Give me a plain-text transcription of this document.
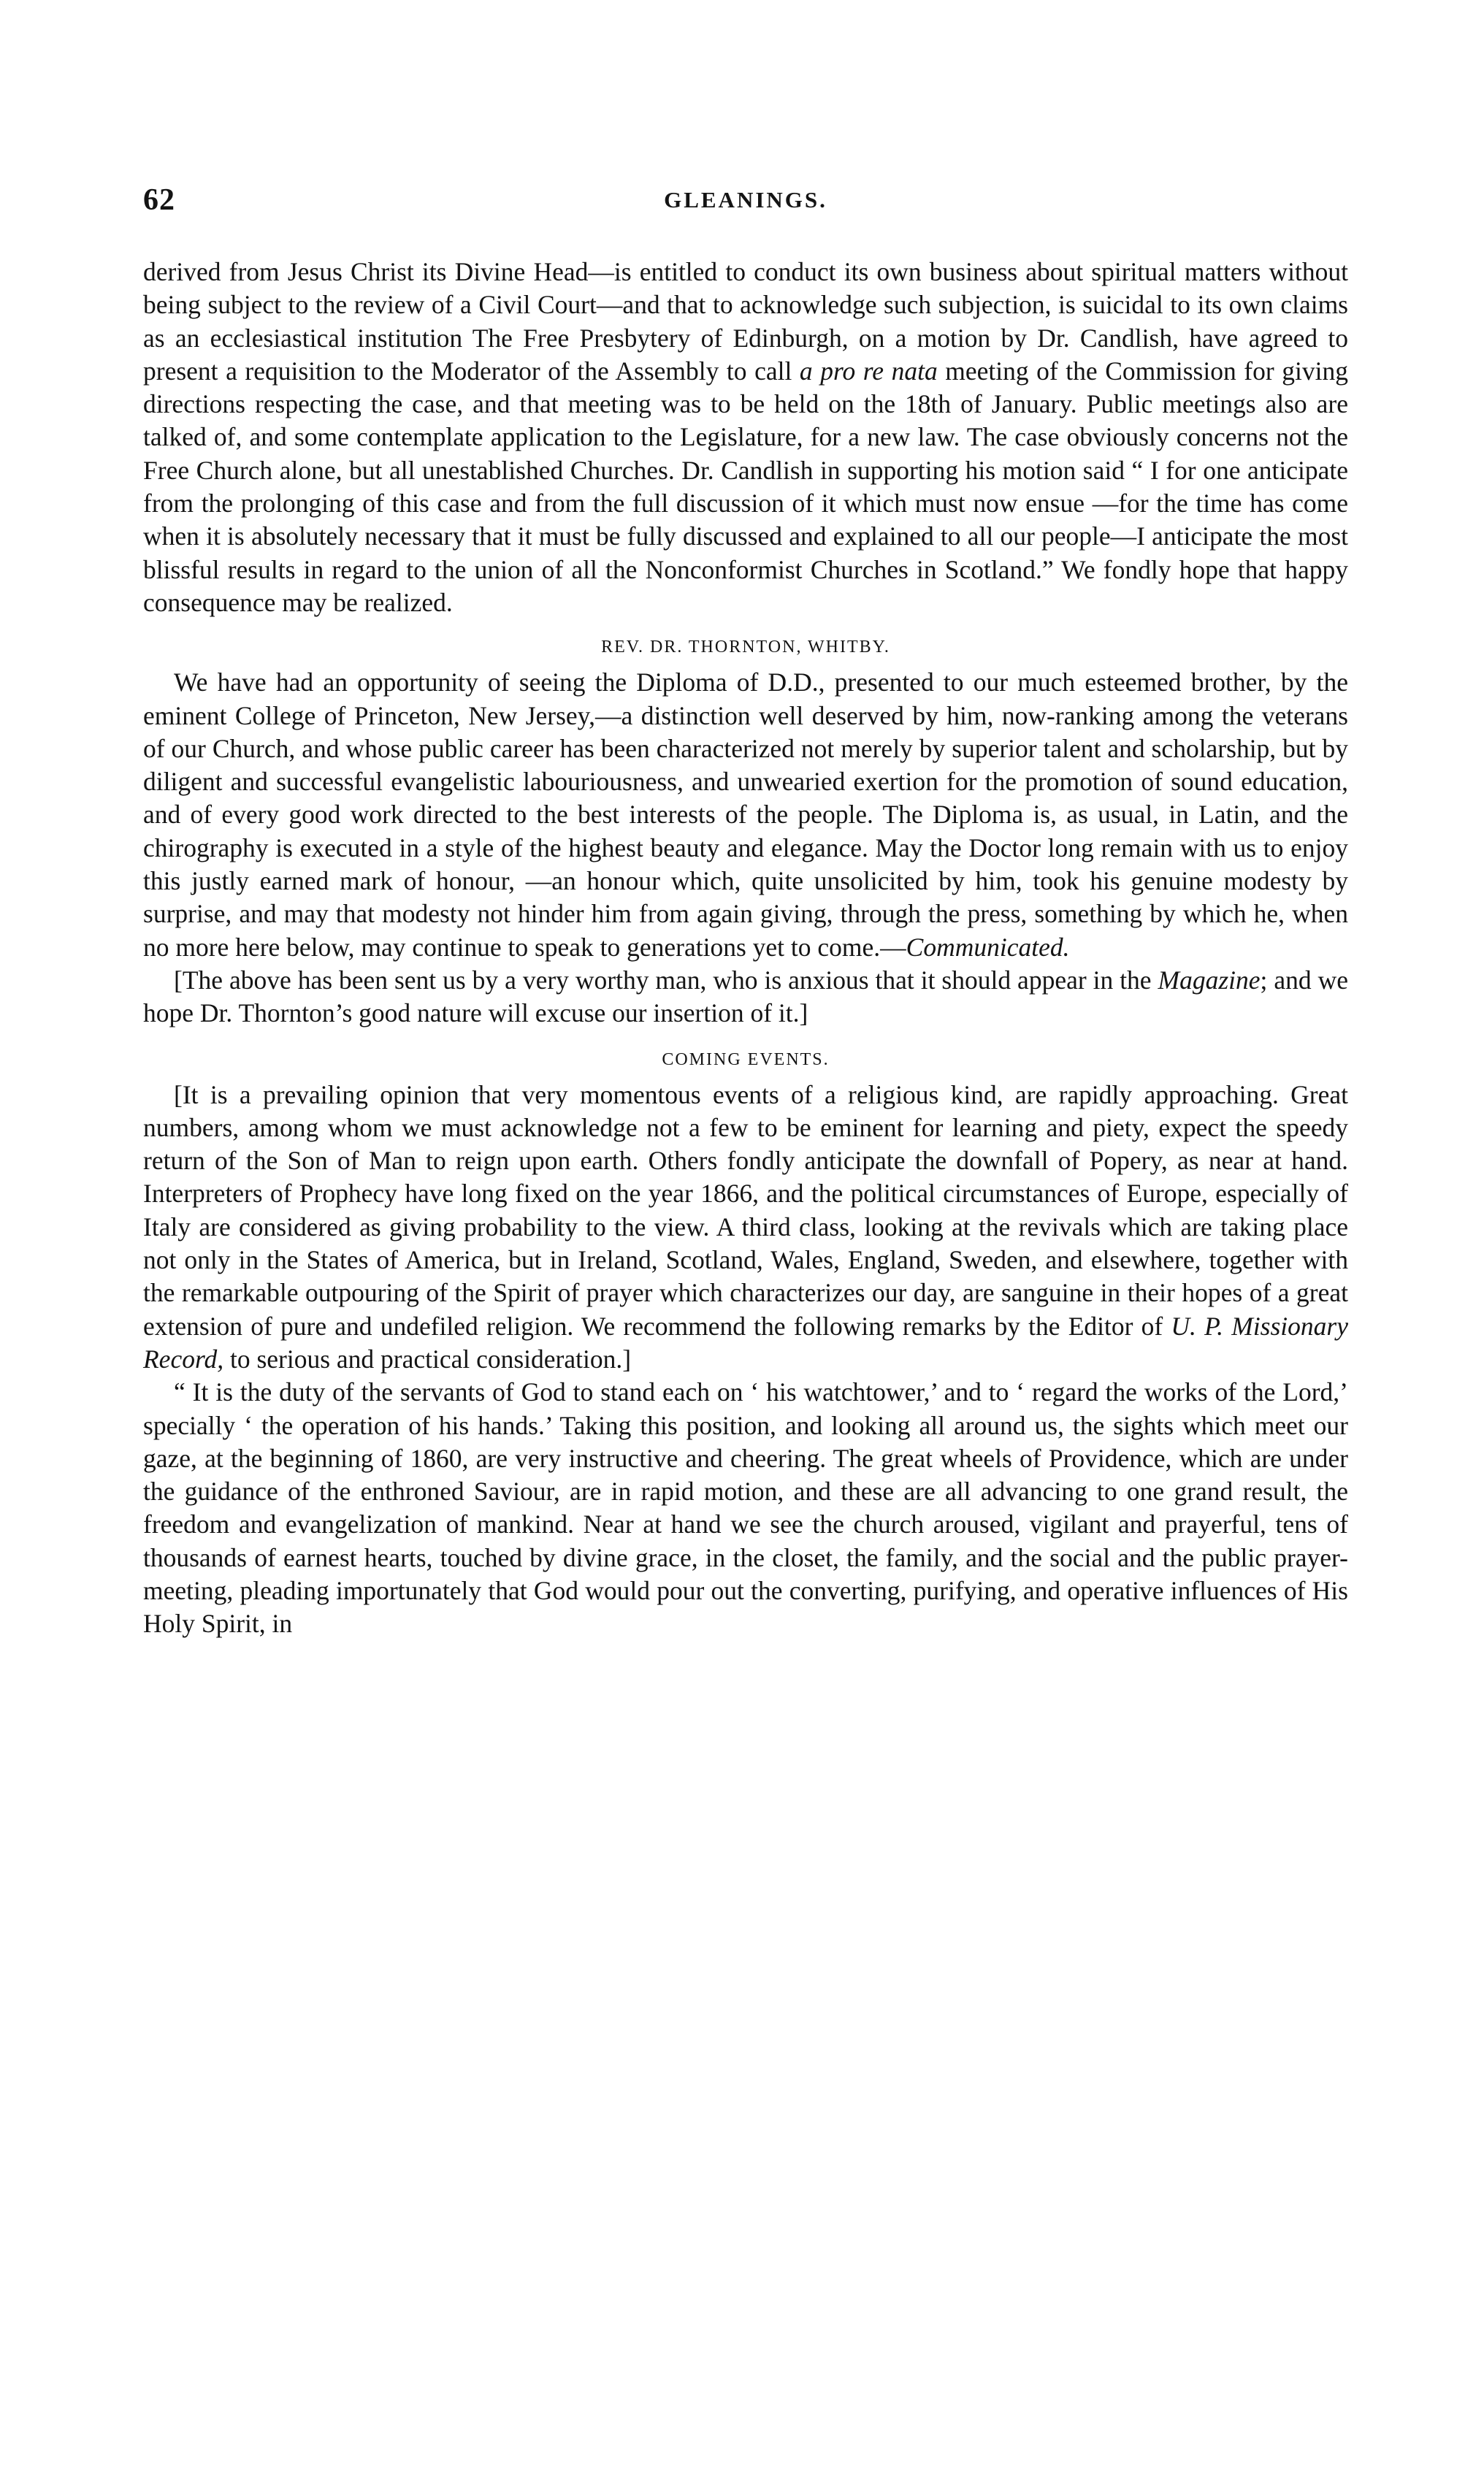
62	GLEANINGS.

derived from Jesus Christ its Divine Head—is entitled to conduct its own business about spiritual matters without being subject to the review of a Civil Court—and that to acknowledge such subjection, is suicidal to its own claims as an ecclesiastical institution The Free Presbytery of Edinburgh, on a motion by Dr. Candlish, have agreed to present a requisition to the Moderator of the Assembly to call a pro re nata meeting of the Commission for giving directions respecting the case, and that meeting was to be held on the 18th of January. Public meetings also are talked of, and some contemplate application to the Legislature, for a new law. The case obviously concerns not the Free Church alone, but all unestablished Churches. Dr. Candlish in supporting his motion said “ I for one anticipate from the prolonging of this case and from the full discussion of it which must now ensue —for the time has come when it is absolutely necessary that it must be fully discussed and explained to all our people—I anticipate the most blissful results in regard to the union of all the Nonconformist Churches in Scotland.” We fondly hope that happy consequence may be realized.

REV. DR. THORNTON, WHITBY.

We have had an opportunity of seeing the Diploma of D.D., presented to our much esteemed brother, by the eminent College of Princeton, New Jersey,—a distinction well deserved by him, now-ranking among the veterans of our Church, and whose public career has been characterized not merely by superior talent and scholarship, but by diligent and successful evangelistic labouriousness, and unwearied exertion for the promotion of sound education, and of every good work directed to the best interests of the people. The Diploma is, as usual, in Latin, and the chirography is executed in a style of the highest beauty and elegance. May the Doctor long remain with us to enjoy this justly earned mark of honour, —an honour which, quite unsolicited by him, took his genuine modesty by surprise, and may that modesty not hinder him from again giving, through the press, something by which he, when no more here below, may continue to speak to generations yet to come.—Communicated.

[The above has been sent us by a very worthy man, who is anxious that it should appear in the Magazine; and we hope Dr. Thornton’s good nature will excuse our insertion of it.]

COMING EVENTS.

[It is a prevailing opinion that very momentous events of a religious kind, are rapidly approaching. Great numbers, among whom we must acknowledge not a few to be eminent for learning and piety, expect the speedy return of the Son of Man to reign upon earth. Others fondly anticipate the downfall of Popery, as near at hand. Interpreters of Prophecy have long fixed on the year 1866, and the political circumstances of Europe, especially of Italy are considered as giving probability to the view. A third class, looking at the revivals which are taking place not only in the States of America, but in Ireland, Scotland, Wales, England, Sweden, and elsewhere, together with the remarkable outpouring of the Spirit of prayer which characterizes our day, are sanguine in their hopes of a great extension of pure and undefiled religion. We recommend the following remarks by the Editor of U. P. Missionary Record, to serious and practical consideration.]

“ It is the duty of the servants of God to stand each on ‘ his watchtower,’ and to ‘ regard the works of the Lord,’ specially ‘ the operation of his hands.’ Taking this position, and looking all around us, the sights which meet our gaze, at the beginning of 1860, are very instructive and cheering. The great wheels of Providence, which are under the guidance of the enthroned Saviour, are in rapid motion, and these are all advancing to one grand result, the freedom and evangelization of mankind. Near at hand we see the church aroused, vigilant and prayerful, tens of thousands of earnest hearts, touched by divine grace, in the closet, the family, and the social and the public prayer-meeting, pleading importunately that God would pour out the converting, purifying, and operative influences of His Holy Spirit, in
